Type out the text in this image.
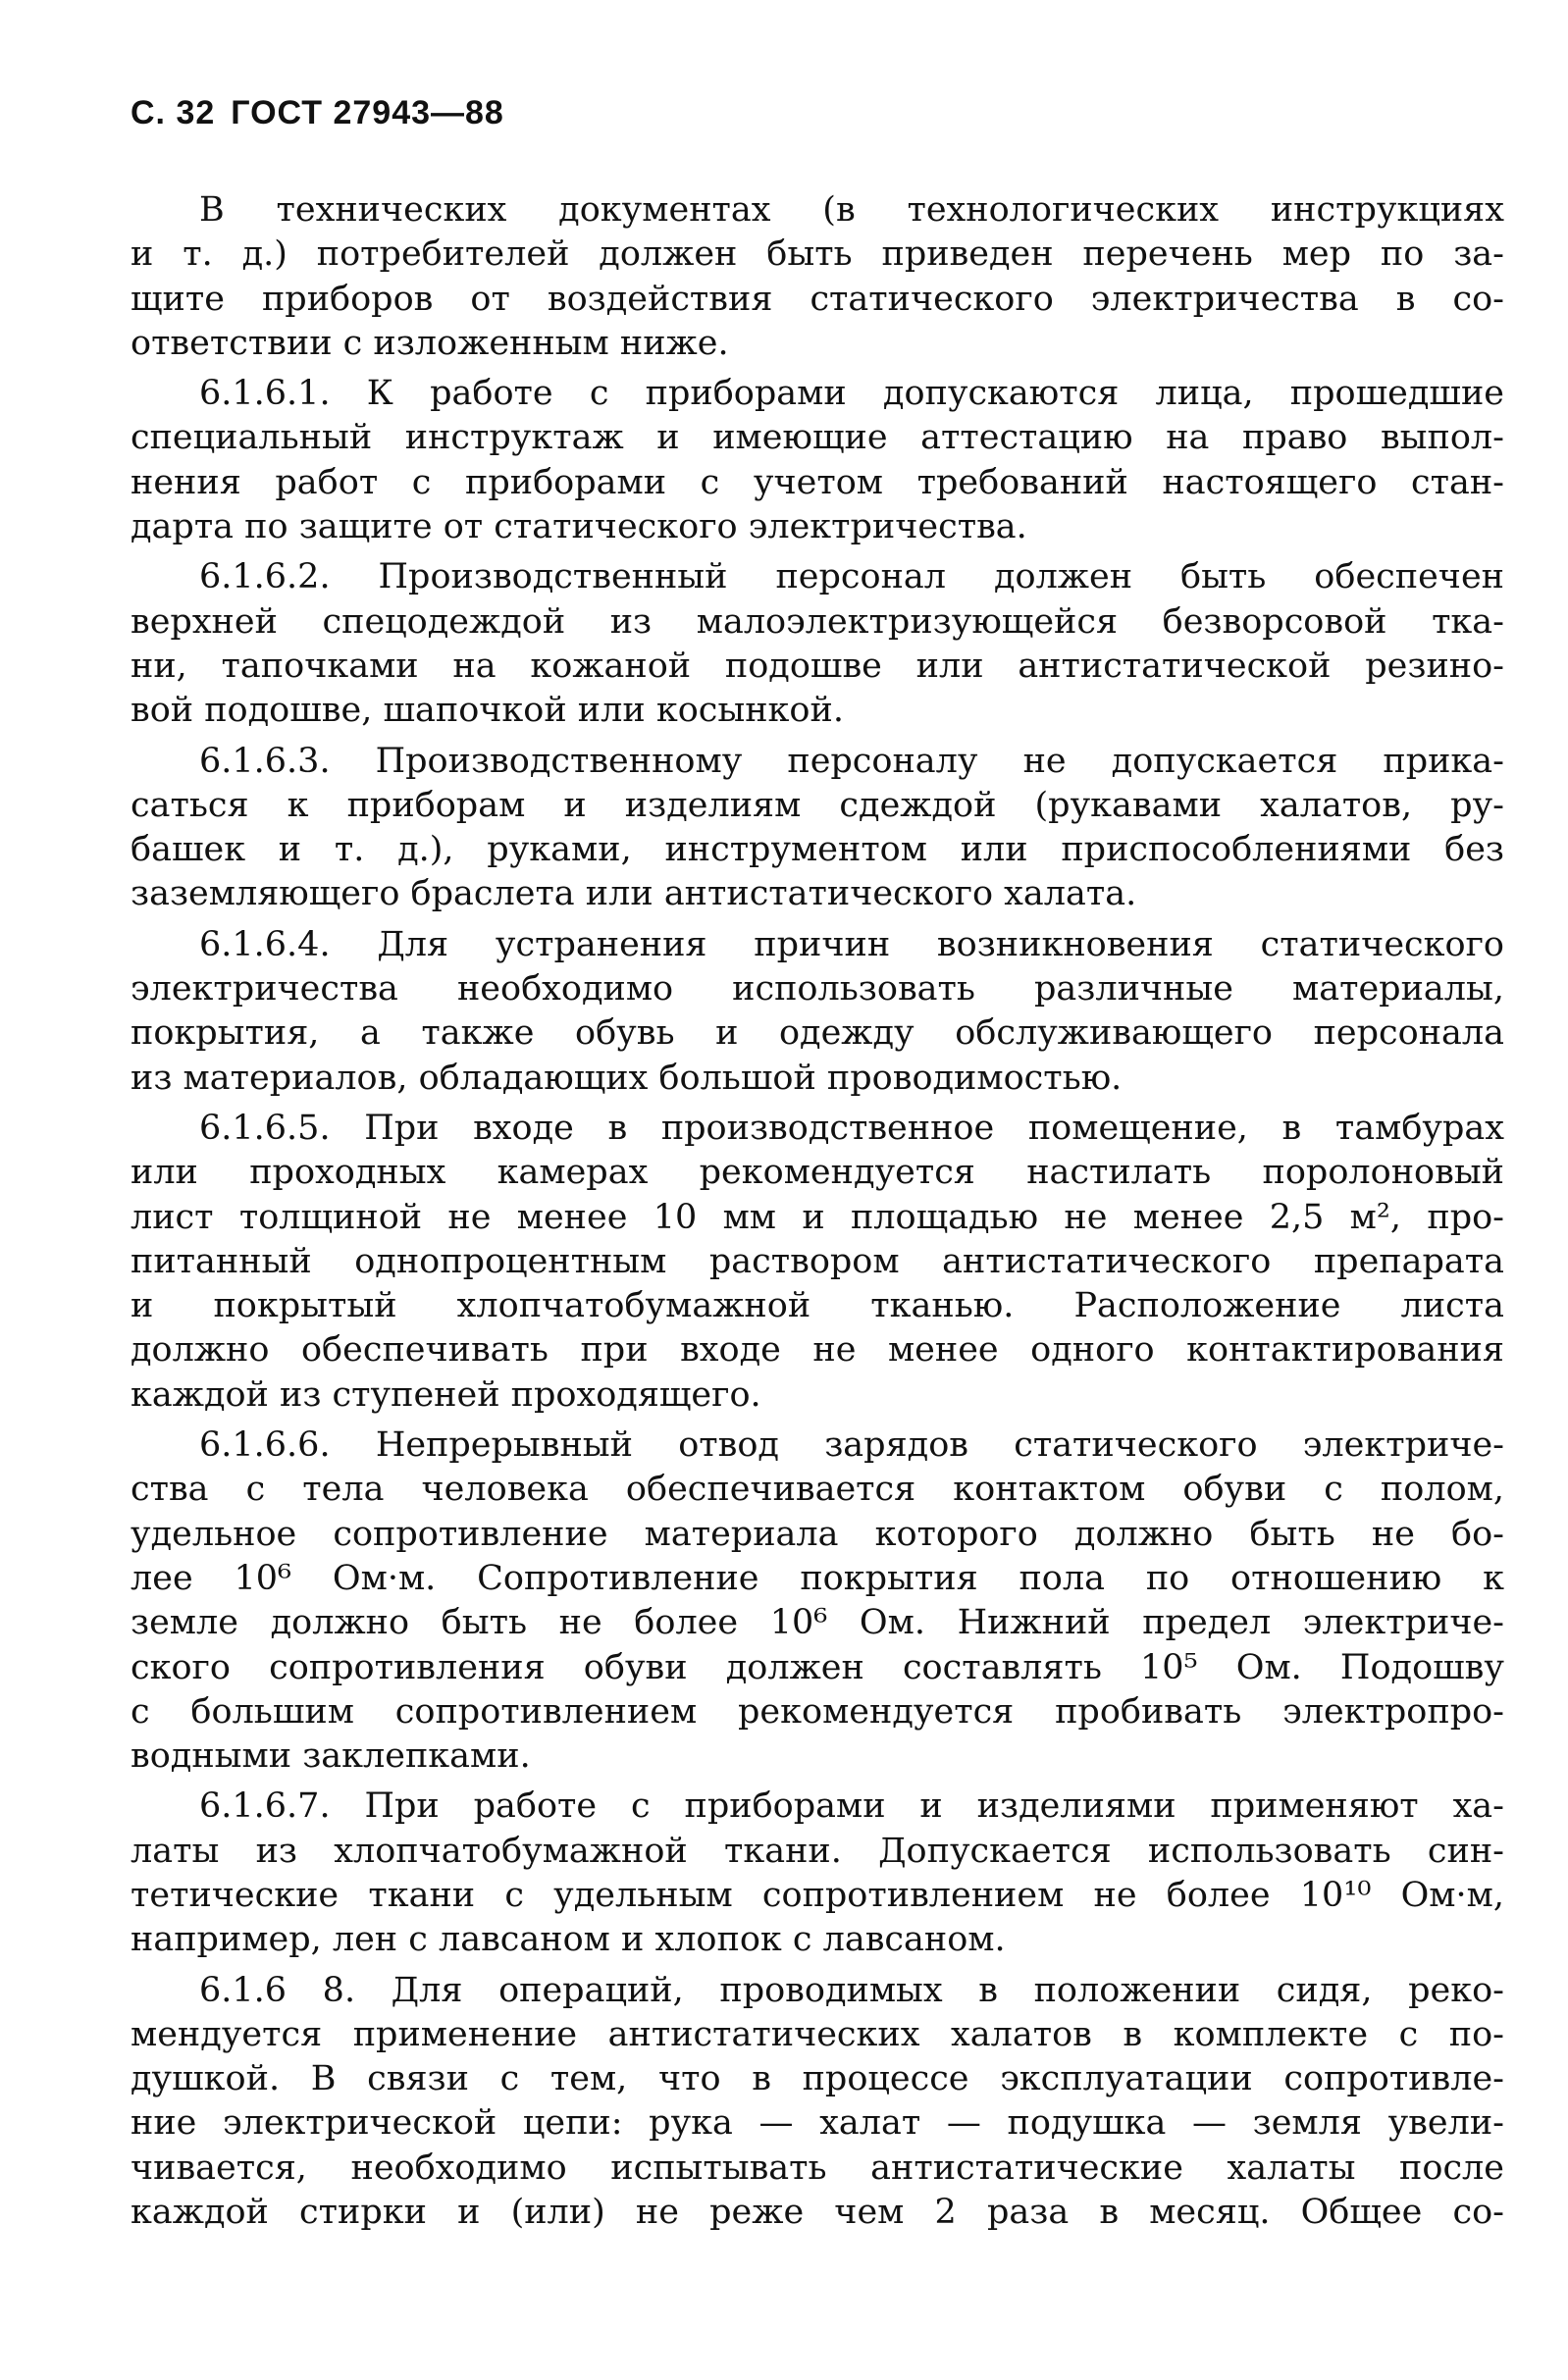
С. 32 ГОСТ 27943—88
В технических документах (в технологических инструкциях
и т. д.) потребителей должен быть приведен перечень мер по за-
щите приборов от воздействия статического электричества в со-
ответствии с изложенным ниже.
6.1.6.1. К работе с приборами допускаются лица, прошедшие
специальный инструктаж и имеющие аттестацию на право выпол-
нения работ с приборами с учетом требований настоящего стан-
дарта по защите от статического электричества.
6.1.6.2. Производственный персонал должен быть обеспечен
верхней спецодеждой из малоэлектризующейся безворсовой тка-
ни, тапочками на кожаной подошве или антистатической резино-
вой подошве, шапочкой или косынкой.
6.1.6.3. Производственному персоналу не допускается прика-
саться к приборам и изделиям сдеждой (рукавами халатов, ру-
башек и т. д.), руками, инструментом или приспособлениями без
заземляющего браслета или антистатического халата.
6.1.6.4. Для устранения причин возникновения статического
электричества необходимо использовать различные материалы,
покрытия, а также обувь и одежду обслуживающего персонала
из материалов, обладающих большой проводимостью.
6.1.6.5. При входе в производственное помещение, в тамбурах
или проходных камерах рекомендуется настилать поролоновый
лист толщиной не менее 10 мм и площадью не менее 2,5 м², про-
питанный однопроцентным раствором антистатического препарата
и покрытый хлопчатобумажной тканью. Расположение листа
должно обеспечивать при входе не менее одного контактирования
каждой из ступеней проходящего.
6.1.6.6. Непрерывный отвод зарядов статического электриче-
ства с тела человека обеспечивается контактом обуви с полом,
удельное сопротивление материала которого должно быть не бо-
лее 10⁶ Ом·м. Сопротивление покрытия пола по отношению к
земле должно быть не более 10⁶ Ом. Нижний предел электриче-
ского сопротивления обуви должен составлять 10⁵ Ом. Подошву
с большим сопротивлением рекомендуется пробивать электропро-
водными заклепками.
6.1.6.7. При работе с приборами и изделиями применяют ха-
латы из хлопчатобумажной ткани. Допускается использовать син-
тетические ткани с удельным сопротивлением не более 10¹⁰ Ом·м,
например, лен с лавсаном и хлопок с лавсаном.
6.1.6 8. Для операций, проводимых в положении сидя, реко-
мендуется применение антистатических халатов в комплекте с по-
душкой. В связи с тем, что в процессе эксплуатации сопротивле-
ние электрической цепи: рука — халат — подушка — земля увели-
чивается, необходимо испытывать антистатические халаты после
каждой стирки и (или) не реже чем 2 раза в месяц. Общее со-
